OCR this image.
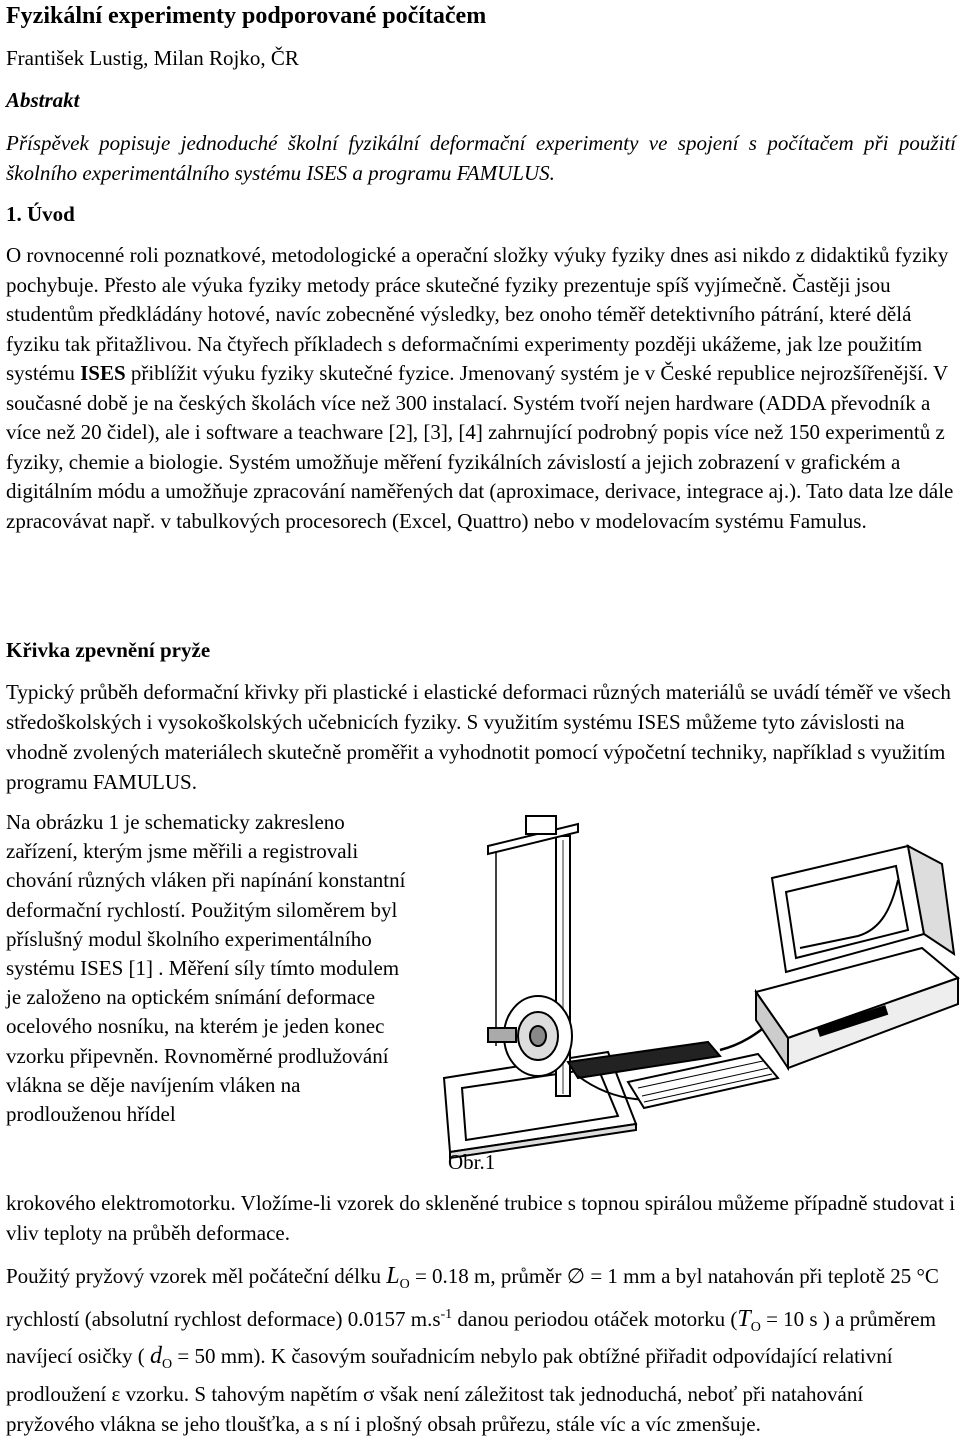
Fyzikální experimenty podporované počítačem
František Lustig, Milan Rojko, ČR
Abstrakt
Příspěvek popisuje jednoduché školní fyzikální deformační experimenty ve spojení s počítačem při použití školního experimentálního systému ISES a programu FAMULUS.
1. Úvod
O rovnocenné roli poznatkové, metodologické a operační složky výuky fyziky dnes asi nikdo z didaktiků fyziky pochybuje. Přesto ale výuka fyziky metody práce skutečné fyziky prezentuje spíš vyjímečně. Častěji jsou studentům předkládány hotové, navíc zobecněné výsledky, bez onoho téměř detektivního pátrání, které dělá fyziku tak přitažlivou. Na čtyřech příkladech s deformačními experimenty později ukážeme, jak lze použitím systému ISES přiblížit výuku fyziky skutečné fyzice. Jmenovaný systém je v České republice nejrozšířenější. V současné době je na českých školách více než 300 instalací. Systém tvoří nejen hardware (ADDA převodník a více než 20 čidel), ale i software a teachware [2], [3], [4] zahrnující podrobný popis více než 150 experimentů z fyziky, chemie a biologie. Systém umožňuje měření fyzikálních závislostí a jejich zobrazení v grafickém a digitálním módu a umožňuje zpracování naměřených dat (aproximace, derivace, integrace aj.). Tato data lze dále zpracovávat např. v tabulkových procesorech (Excel, Quattro) nebo v modelovacím systému Famulus.
Křivka zpevnění pryže
Typický průběh deformační křivky při plastické i elastické deformaci různých materiálů se uvádí téměř ve všech středoškolských i vysokoškolských učebnicích fyziky. S využitím systému ISES můžeme tyto závislosti na vhodně zvolených materiálech skutečně proměřit a vyhodnotit pomocí výpočetní techniky, například s využitím programu FAMULUS.
Na obrázku 1 je schematicky zakresleno zařízení, kterým jsme měřili a registrovali chování různých vláken při napínání konstantní deformační rychlostí. Použitým siloměrem byl příslušný modul školního experimentálního systému ISES [1] . Měření síly tímto modulem je založeno na optickém snímání deformace ocelového nosníku, na kterém je jeden konec vzorku připevněn. Rovnoměrné prodlužování vlákna se děje navíjením vláken na prodlouženou hřídel
krokového elektromotorku. Vložíme-li vzorek do skleněné trubice s topnou spirálou můžeme případně studovat i vliv teploty na průběh deformace.
Obr.1
Použitý pryžový vzorek měl počáteční délku $L_O = 0.18$ m, průměr ∅ = 1 mm a byl natahován při teplotě 25 °C rychlostí (absolutní rychlost deformace) 0.0157 $m.s^{-1}$ danou periodou otáček motorku ($T_O = 10$ s ) a průměrem navíjecí osičky ( $d_O = 50$ mm). K časovým souřadnicím nebylo pak obtížné přiřadit odpovídající relativní prodloužení ε vzorku. S tahovým napětím σ však není záležitost tak jednoduchá, neboť při natahování pryžového vlákna se jeho tloušťka, a s ní i plošný obsah průřezu, stále víc a víc zmenšuje.
